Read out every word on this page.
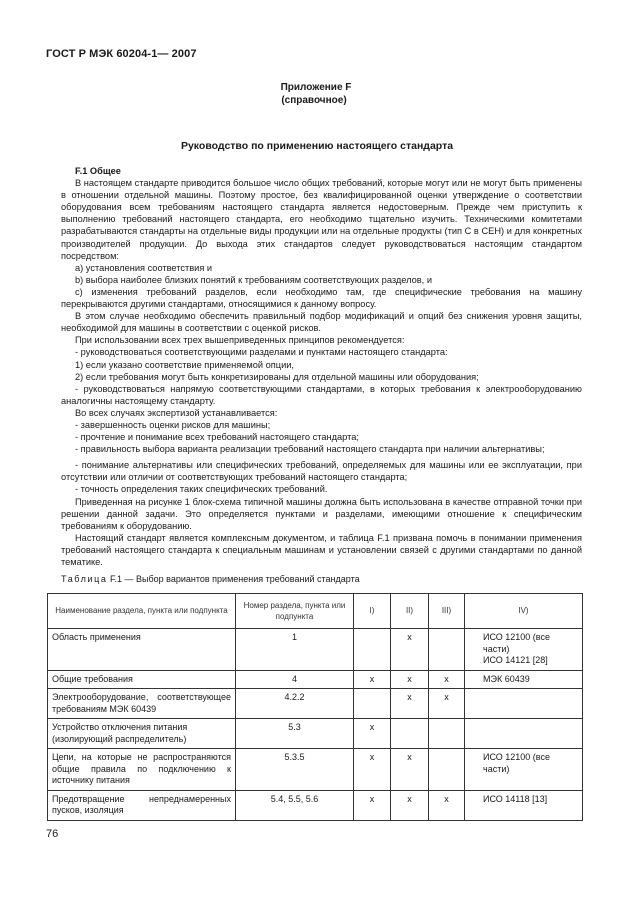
ГОСТ Р МЭК 60204-1— 2007
Приложение F
(справочное)
Руководство по применению настоящего стандарта

F.1 Общее

В настоящем стандарте приводится большое число общих требований, которые могут или не могут быть применены в отношении отдельной машины. Поэтому простое, без квалифицированной оценки утверждение о соответствии оборудования всем требованиям настоящего стандарта является недостоверным. Прежде чем приступить к выполнению требований настоящего стандарта, его необходимо тщательно изучить. Техническими комитетами разрабатываются стандарты на отдельные виды продукции или на отдельные продукты (тип С в СЕН) и для конкретных производителей продукции. До выхода этих стандартов следует руководствоваться настоящим стандартом посредством:

a) установления соответствия и

b) выбора наиболее близких понятий к требованиям соответствующих разделов, и

c) изменения требований разделов, если необходимо там, где специфические требования на машину перекрываются другими стандартами, относящимися к данному вопросу.

В этом случае необходимо обеспечить правильный подбор модификаций и опций без снижения уровня защиты, необходимой для машины в соответствии с оценкой рисков.

При использовании всех трех вышеприведенных принципов рекомендуется:

- руководствоваться соответствующими разделами и пунктами настоящего стандарта:

1) если указано соответствие применяемой опции,

2) если требования могут быть конкретизированы для отдельной машины или оборудования;

- руководствоваться напрямую соответствующими стандартами, в которых требования к электрооборудованию аналогичны настоящему стандарту.

Во всех случаях экспертизой устанавливается:

- завершенность оценки рисков для машины;

- прочтение и понимание всех требований настоящего стандарта;

- правильность выбора варианта реализации требований настоящего стандарта при наличии альтернативы;

- понимание альтернативы или специфических требований, определяемых для машины или ее эксплуатации, при отсутствии или отличии от соответствующих требований настоящего стандарта;

- точность определения таких специфических требований.

Приведенная на рисунке 1 блок-схема типичной машины должна быть использована в качестве отправной точки при решении данной задачи. Это определяется пунктами и разделами, имеющими отношение к специфическим требованиям к оборудованию.

Настоящий стандарт является комплексным документом, и таблица F.1 призвана помочь в понимании применения требований настоящего стандарта к специальным машинам и установлении связей с другими стандартами по данной тематике.

Таблица F.1 — Выбор вариантов применения требований стандарта
Наименование раздела, пункта или подпункта	Номер раздела, пункта или подпункта	I)	II)	III)	IV)
Область применения	1		x		ИСО 12100 (все части)
ИСО 14121 [28]

Общие требования	4	x	x	x	МЭК 60439

Электрооборудование, соответствующее требованиям МЭК 60439	4.2.2		x	x	
Устройство отключения питания (изолирующий распределитель)	5.3	x			
Цепи, на которые не распространяются общие правила по подключению к источнику питания	5.3.5	x	x		ИСО 12100 (все части)

Предотвращение непреднамеренных пусков, изоляция	5.4, 5.5, 5.6	x	x	x	ИСО 14118 [13]
76
